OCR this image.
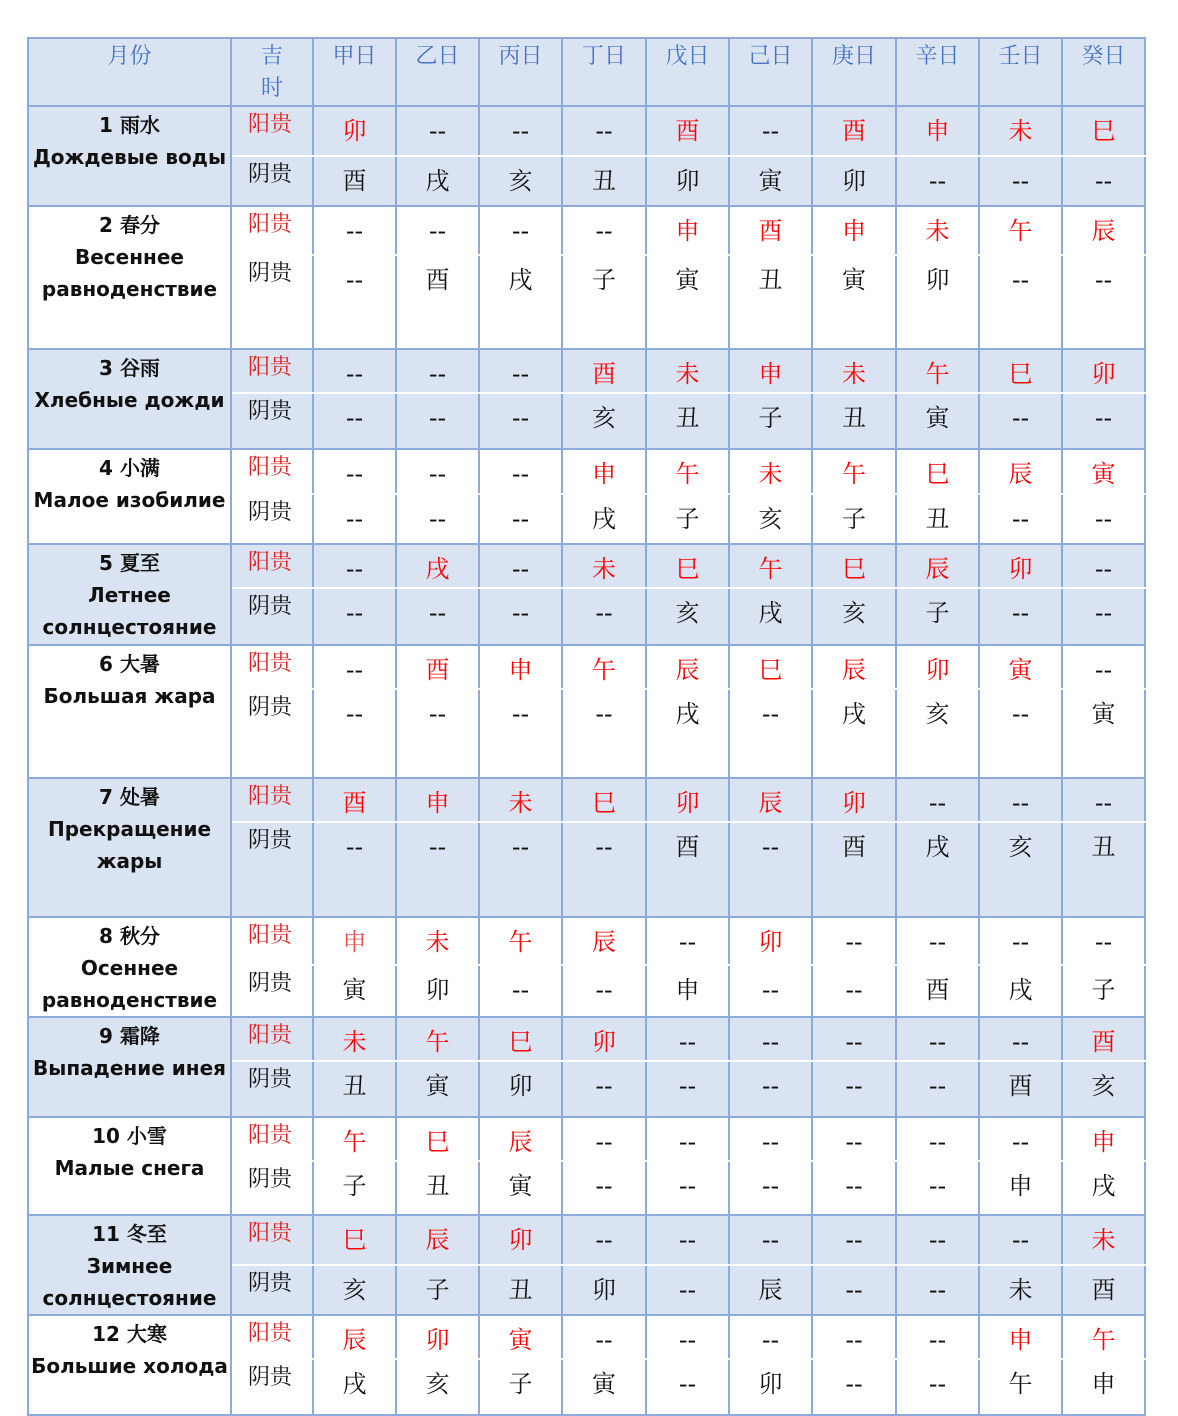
月份	吉
时	甲日	乙日	丙日	丁日	戊日	己日	庚日	辛日	壬日	癸日

1 雨水
Дождевые воды	阳贵	卯	--	--	--	酉	--	酉	申	未	巳
	阴贵	酉	戌	亥	丑	卯	寅	卯	--	--	--

2 春分
Весеннее равноденствие	阳贵	--	--	--	--	申	酉	申	未	午	辰
	阴贵	--	酉	戌	子	寅	丑	寅	卯	--	--

3 谷雨
Хлебные дожди	阳贵	--	--	--	酉	未	申	未	午	巳	卯
	阴贵	--	--	--	亥	丑	子	丑	寅	--	--

4 小满
Малое изобилие	阳贵	--	--	--	申	午	未	午	巳	辰	寅
	阴贵	--	--	--	戌	子	亥	子	丑	--	--

5 夏至
Летнее солнцестояние	阳贵	--	戌	--	未	巳	午	巳	辰	卯	--
	阴贵	--	--	--	--	亥	戌	亥	子	--	--

6 大暑
Большая жара	阳贵	--	酉	申	午	辰	巳	辰	卯	寅	--
	阴贵	--	--	--	--	戌	--	戌	亥	--	寅

7 处暑
Прекращение жары	阳贵	酉	申	未	巳	卯	辰	卯	--	--	--
	阴贵	--	--	--	--	酉	--	酉	戌	亥	丑

8 秋分
Осеннее равноденствие	阳贵	申	未	午	辰	--	卯	--	--	--	--
	阴贵	寅	卯	--	--	申	--	--	酉	戌	子

9 霜降
Выпадение инея	阳贵	未	午	巳	卯	--	--	--	--	--	酉
	阴贵	丑	寅	卯	--	--	--	--	--	酉	亥

10 小雪
Малые снега	阳贵	午	巳	辰	--	--	--	--	--	--	申
	阴贵	子	丑	寅	--	--	--	--	--	申	戌

11 冬至
Зимнее солнцестояние	阳贵	巳	辰	卯	--	--	--	--	--	--	未
	阴贵	亥	子	丑	卯	--	辰	--	--	未	酉

12 大寒
Большие холода	阳贵	辰	卯	寅	--	--	--	--	--	申	午
	阴贵	戌	亥	子	寅	--	卯	--	--	午	申
